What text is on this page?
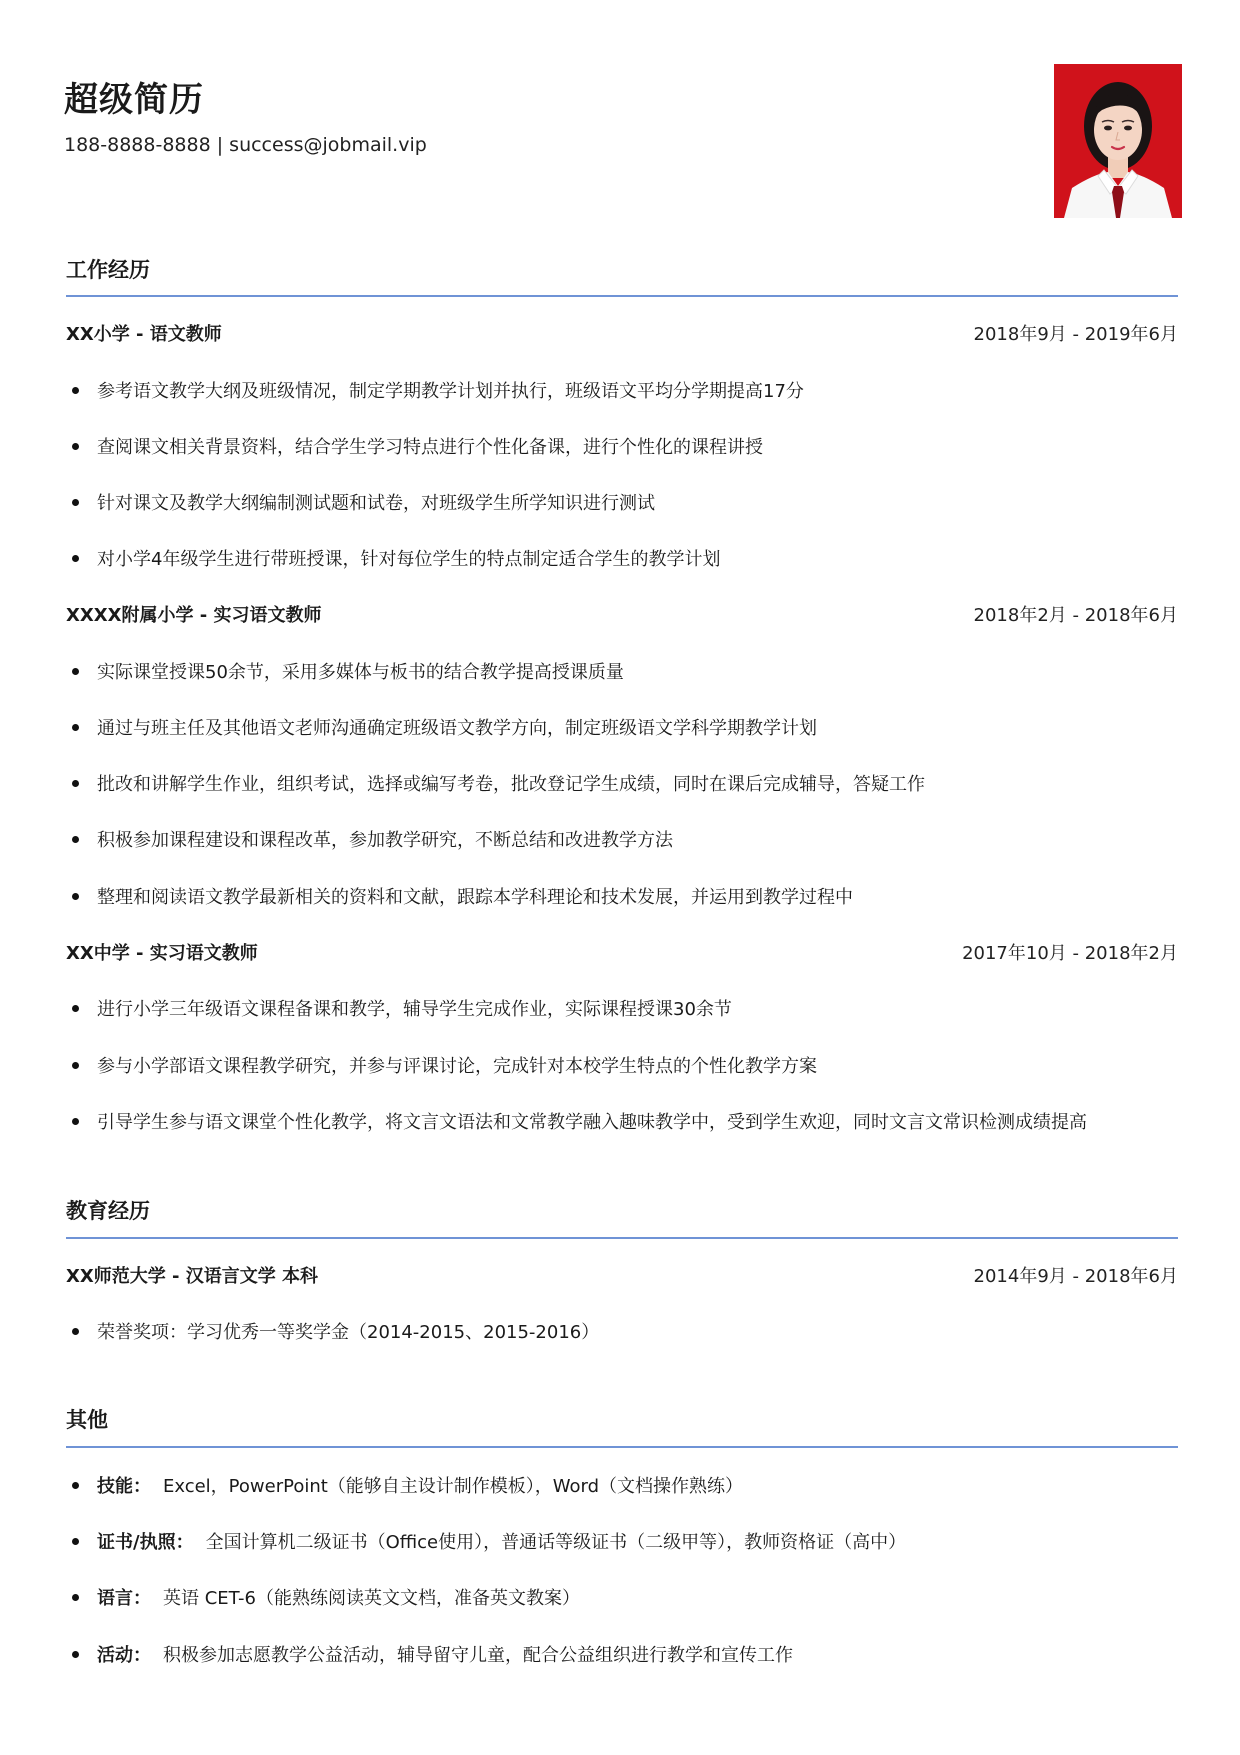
超级简历
188-8888-8888 | success@jobmail.vip
工作经历
XX小学 - 语文教师	2018年9月 - 2019年6月
参考语文教学大纲及班级情况，制定学期教学计划并执行，班级语文平均分学期提高17分
查阅课文相关背景资料，结合学生学习特点进行个性化备课，进行个性化的课程讲授
针对课文及教学大纲编制测试题和试卷，对班级学生所学知识进行测试
对小学4年级学生进行带班授课，针对每位学生的特点制定适合学生的教学计划
XXXX附属小学 - 实习语文教师	2018年2月 - 2018年6月
实际课堂授课50余节，采用多媒体与板书的结合教学提高授课质量
通过与班主任及其他语文老师沟通确定班级语文教学方向，制定班级语文学科学期教学计划
批改和讲解学生作业，组织考试，选择或编写考卷，批改登记学生成绩，同时在课后完成辅导，答疑工作
积极参加课程建设和课程改革，参加教学研究，不断总结和改进教学方法
整理和阅读语文教学最新相关的资料和文献，跟踪本学科理论和技术发展，并运用到教学过程中
XX中学 - 实习语文教师	2017年10月 - 2018年2月
进行小学三年级语文课程备课和教学，辅导学生完成作业，实际课程授课30余节
参与小学部语文课程教学研究，并参与评课讨论，完成针对本校学生特点的个性化教学方案
引导学生参与语文课堂个性化教学，将文言文语法和文常教学融入趣味教学中，受到学生欢迎，同时文言文常识检测成绩提高
教育经历
XX师范大学 - 汉语言文学 本科	2014年9月 - 2018年6月
荣誉奖项：学习优秀一等奖学金（2014-2015、2015-2016）
其他
技能： Excel，PowerPoint（能够自主设计制作模板），Word（文档操作熟练）
证书/执照： 全国计算机二级证书（Office使用），普通话等级证书（二级甲等），教师资格证（高中）
语言： 英语 CET-6（能熟练阅读英文文档，准备英文教案）
活动： 积极参加志愿教学公益活动，辅导留守儿童，配合公益组织进行教学和宣传工作
